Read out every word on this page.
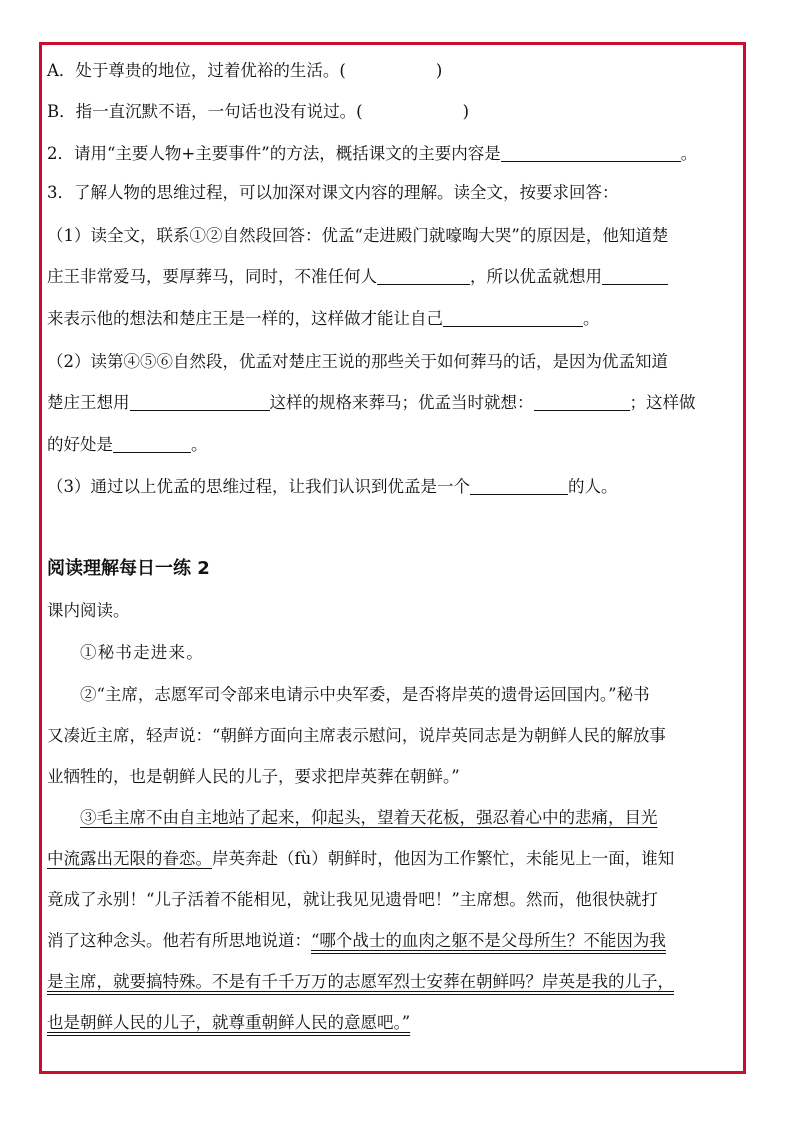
A．处于尊贵的地位，过着优裕的生活。(	)
B．指一直沉默不语，一句话也没有说过。(	)
2．请用“主要人物+主要事件”的方法，概括课文的主要内容是	。
3．了解人物的思维过程，可以加深对课文内容的理解。读全文，按要求回答：
（1）读全文，联系①②自然段回答：优孟“走进殿门就嚎啕大哭”的原因是，他知道楚
庄王非常爱马，要厚葬马，同时，不准任何人	，所以优孟就想用
来表示他的想法和楚庄王是一样的，这样做才能让自己	。
（2）读第④⑤⑥自然段，优孟对楚庄王说的那些关于如何葬马的话，是因为优孟知道
楚庄王想用	这样的规格来葬马；优孟当时就想：	；这样做
的好处是	。
（3）通过以上优孟的思维过程，让我们认识到优孟是一个	的人。
阅读理解每日一练 2
课内阅读。
①秘书走进来。
②“主席，志愿军司令部来电请示中央军委，是否将岸英的遗骨运回国内。”秘书
又凑近主席，轻声说：“朝鲜方面向主席表示慰问，说岸英同志是为朝鲜人民的解放事
业牺牲的，也是朝鲜人民的儿子，要求把岸英葬在朝鲜。”
③毛主席不由自主地站了起来，仰起头，望着天花板，强忍着心中的悲痛，目光
中流露出无限的眷恋。岸英奔赴（fù）朝鲜时，他因为工作繁忙，未能见上一面，谁知
竟成了永别！“儿子活着不能相见，就让我见见遗骨吧！”主席想。然而，他很快就打
消了这种念头。他若有所思地说道：“哪个战士的血肉之躯不是父母所生？不能因为我
是主席，就要搞特殊。不是有千千万万的志愿军烈士安葬在朝鲜吗？岸英是我的儿子，
也是朝鲜人民的儿子，就尊重朝鲜人民的意愿吧。”
